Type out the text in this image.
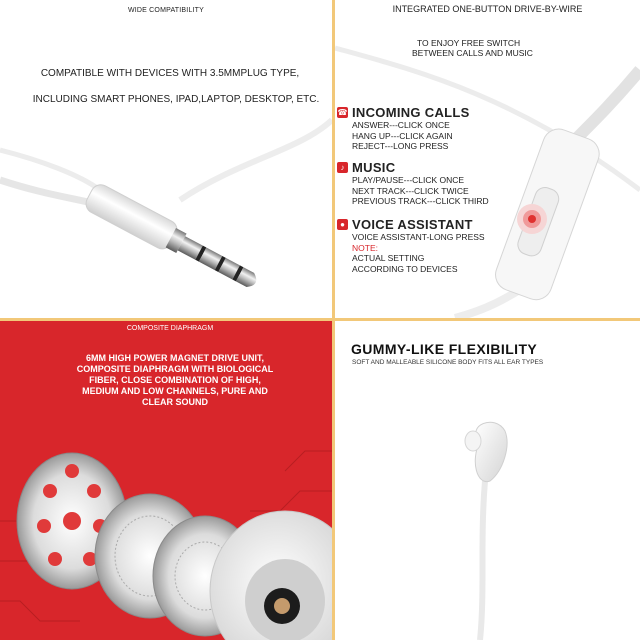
WIDE COMPATIBILITY
COMPATIBLE WITH DEVICES WITH 3.5MMPLUG TYPE,
INCLUDING SMART PHONES, IPAD,LAPTOP, DESKTOP, ETC.
INTEGRATED ONE-BUTTON DRIVE-BY-WIRE
TO ENJOY FREE SWITCH
BETWEEN CALLS AND MUSIC
☎ INCOMING CALLS
ANSWER---CLICK ONCE
HANG UP---CLICK AGAIN
REJECT---LONG PRESS
♪ MUSIC
PLAY/PAUSE---CLICK ONCE
NEXT TRACK---CLICK TWICE
PREVIOUS TRACK---CLICK THIRD
● VOICE ASSISTANT
VOICE ASSISTANT-LONG PRESS
NOTE:
ACTUAL SETTING
ACCORDING TO DEVICES
COMPOSITE DIAPHRAGM
6MM HIGH POWER MAGNET DRIVE UNIT,
COMPOSITE DIAPHRAGM WITH BIOLOGICAL
FIBER, CLOSE COMBINATION OF HIGH,
MEDIUM AND LOW CHANNELS, PURE AND
CLEAR SOUND
GUMMY-LIKE FLEXIBILITY
SOFT AND MALLEABLE SILICONE BODY FITS ALL EAR TYPES
